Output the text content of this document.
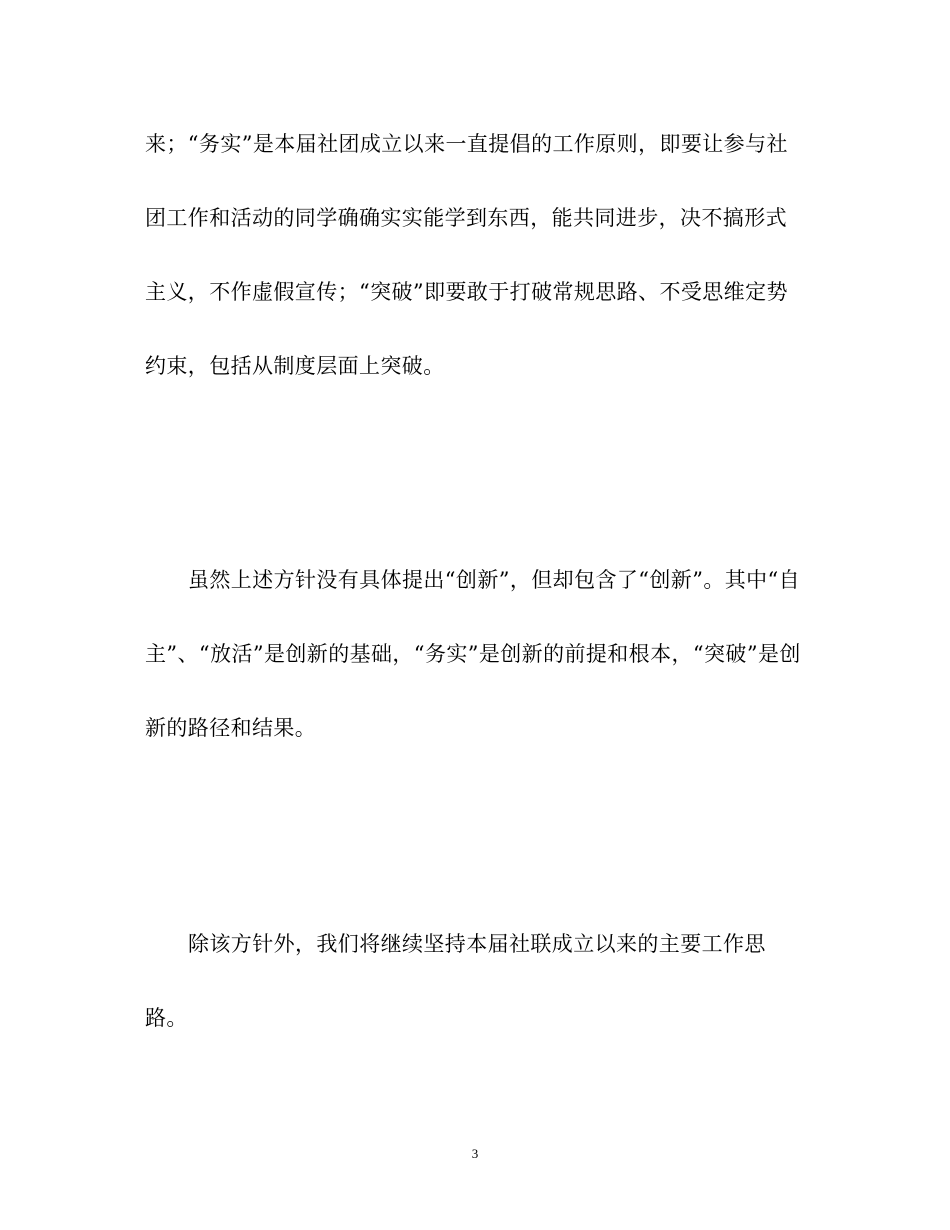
来；“务实”是本届社团成立以来一直提倡的工作原则，即要让参与社
团工作和活动的同学确确实实能学到东西，能共同进步，决不搞形式
主义，不作虚假宣传；“突破”即要敢于打破常规思路、不受思维定势
约束，包括从制度层面上突破。
虽然上述方针没有具体提出“创新”，但却包含了“创新”。其中“自
主”、“放活”是创新的基础，“务实”是创新的前提和根本，“突破”是创
新的路径和结果。
除该方针外，我们将继续坚持本届社联成立以来的主要工作思
路。
3
